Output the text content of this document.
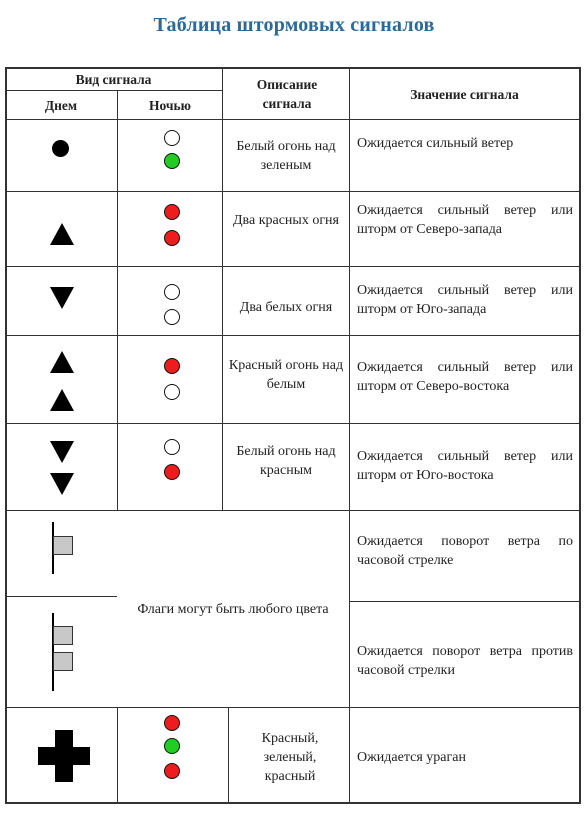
Таблица штормовых сигналов
Вид сигнала
Днем	Ночью
Описание сигнала
Значение сигнала
Белый огонь над зеленым
Ожидается сильный ветер
Два красных огня
Ожидается сильный ветер или шторм от Северо-запада
Два белых огня
Ожидается сильный ветер или шторм от Юго-запада
Красный огонь над белым
Ожидается сильный ветер или шторм от Северо-востока
Белый огонь над красным
Ожидается сильный ветер или шторм от Юго-востока
Флаги могут быть любого цвета
Ожидается поворот ветра по часовой стрелке
Ожидается поворот ветра против часовой стрелки
Красный, зеленый, красный
Ожидается ураган
